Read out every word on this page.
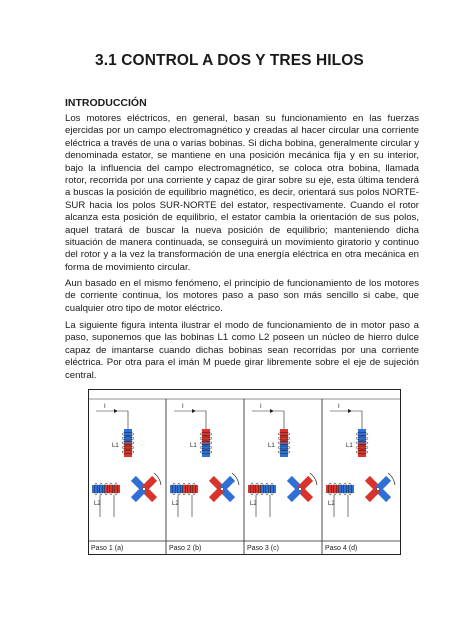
3.1 CONTROL A DOS Y TRES HILOS
INTRODUCCIÓN
Los motores eléctricos, en general, basan su funcionamiento en las fuerzas ejercidas por un campo electromagnético y creadas al hacer circular una corriente eléctrica a través de una o varias bobinas. Si dicha bobina, generalmente circular y denominada estator, se mantiene en una posición mecánica fija y en su interior, bajo la influencia del campo electromagnético, se coloca otra bobina, llamada rotor, recorrida por una corriente y capaz de girar sobre su eje, esta última tenderá a buscas la posición de equilibrio magnético, es decir, orientará sus polos NORTE-SUR hacia los polos SUR-NORTE del estator, respectivamente. Cuando el rotor alcanza esta posición de equilibrio, el estator cambia la orientación de sus polos, aquel tratará de buscar la nueva posición de equilibrio; manteniendo dicha situación de manera continuada, se conseguirá un movimiento giratorio y continuo del rotor y a la vez la transformación de una energía eléctrica en otra mecánica en forma de movimiento circular.
Aun basado en el mismo fenómeno, el principio de funcionamiento de los motores de corriente continua, los motores paso a paso son más sencillo si cabe, que cualquier otro tipo de motor eléctrico.
La siguiente figura intenta ilustrar el modo de funcionamiento de in motor paso a paso, suponemos que las bobinas L1 como L2 poseen un núcleo de hierro dulce capaz de imantarse cuando dichas bobinas sean recorridas por una corriente eléctrica. Por otra para el imán M puede girar libremente sobre el eje de sujeción central.
I
L1
L2
I
L1
L2
I
L1
L2
I
L1
L2
Paso 1 (a)	Paso 2 (b)	Paso 3 (c)	Paso 4 (d)
